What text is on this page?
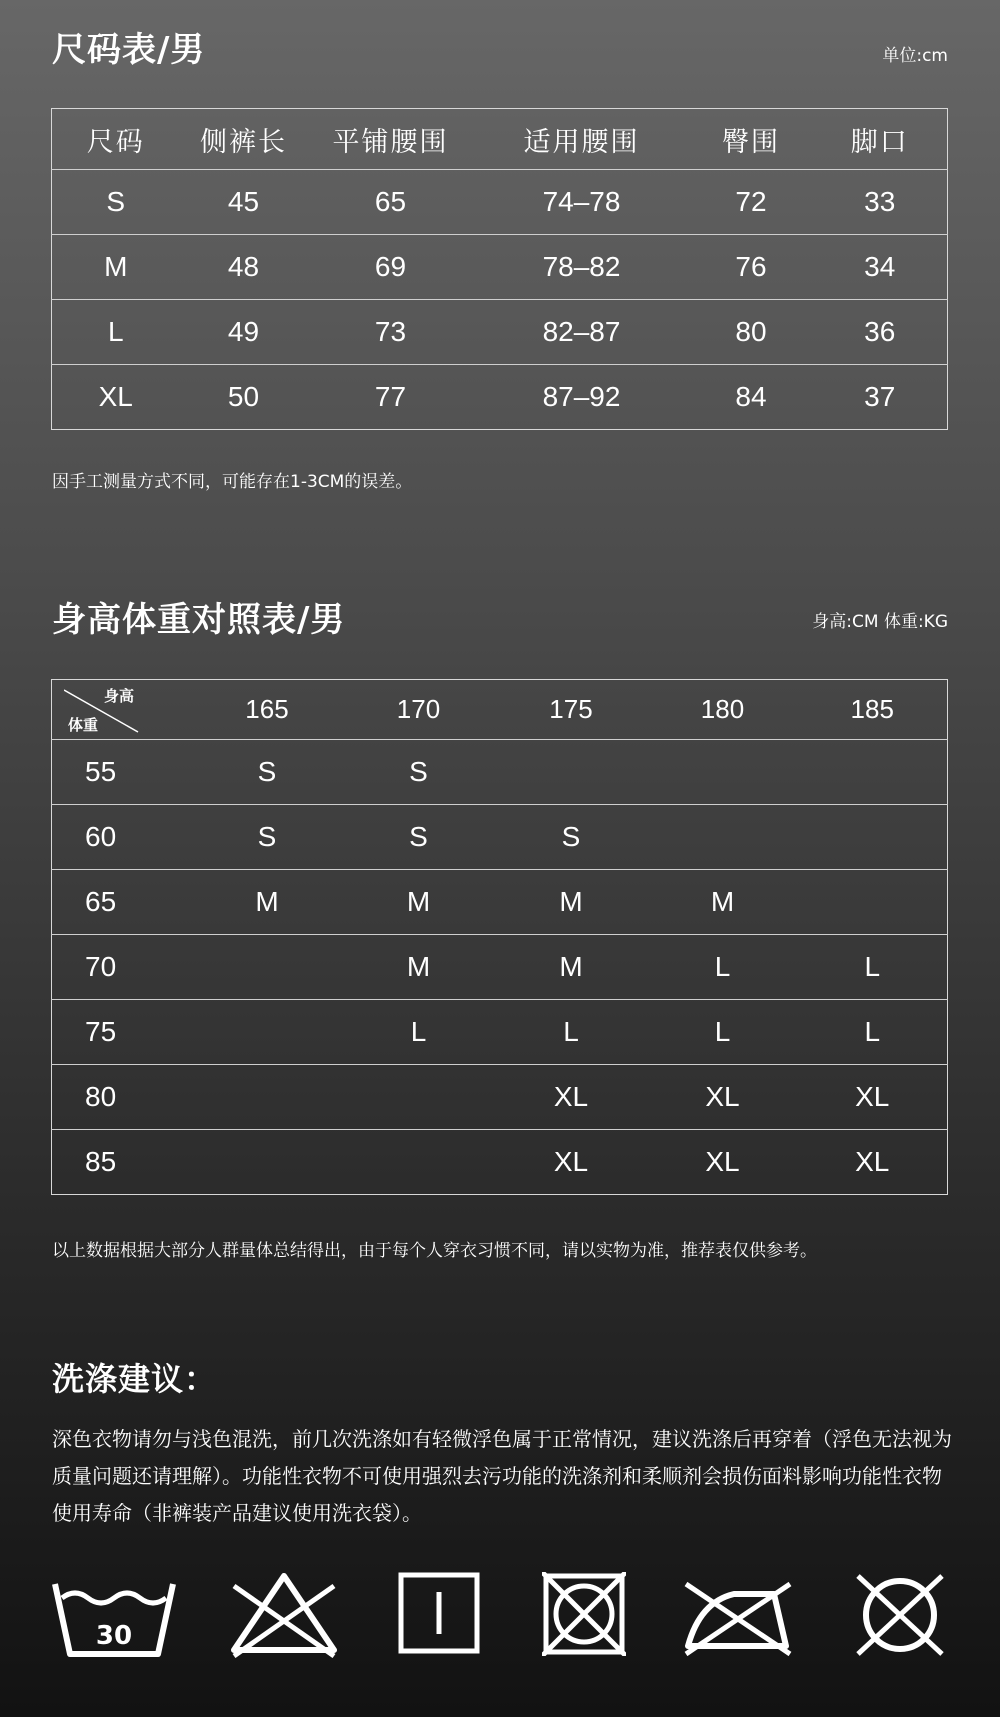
尺码表/男	单位:cm
尺码	侧裤长	平铺腰围	适用腰围	臀围	脚口
S	45	65	74–78	72	33
M	48	69	78–82	76	34
L	49	73	82–87	80	36
XL	50	77	87–92	84	37

因手工测量方式不同，可能存在1-3CM的误差。

身高体重对照表/男	身高:CM 体重:KG
身高
体重	165	170	175	180	185
55	S	S			
60	S	S	S		
65	M	M	M	M	
70		M	M	L	L
75		L	L	L	L
80			XL	XL	XL
85			XL	XL	XL

以上数据根据大部分人群量体总结得出，由于每个人穿衣习惯不同，请以实物为准，推荐表仅供参考。

洗涤建议：

深色衣物请勿与浅色混洗，前几次洗涤如有轻微浮色属于正常情况，建议洗涤后再穿着（浮色无法视为质量问题还请理解）。功能性衣物不可使用强烈去污功能的洗涤剂和柔顺剂会损伤面料影响功能性衣物使用寿命（非裤装产品建议使用洗衣袋）。

30
